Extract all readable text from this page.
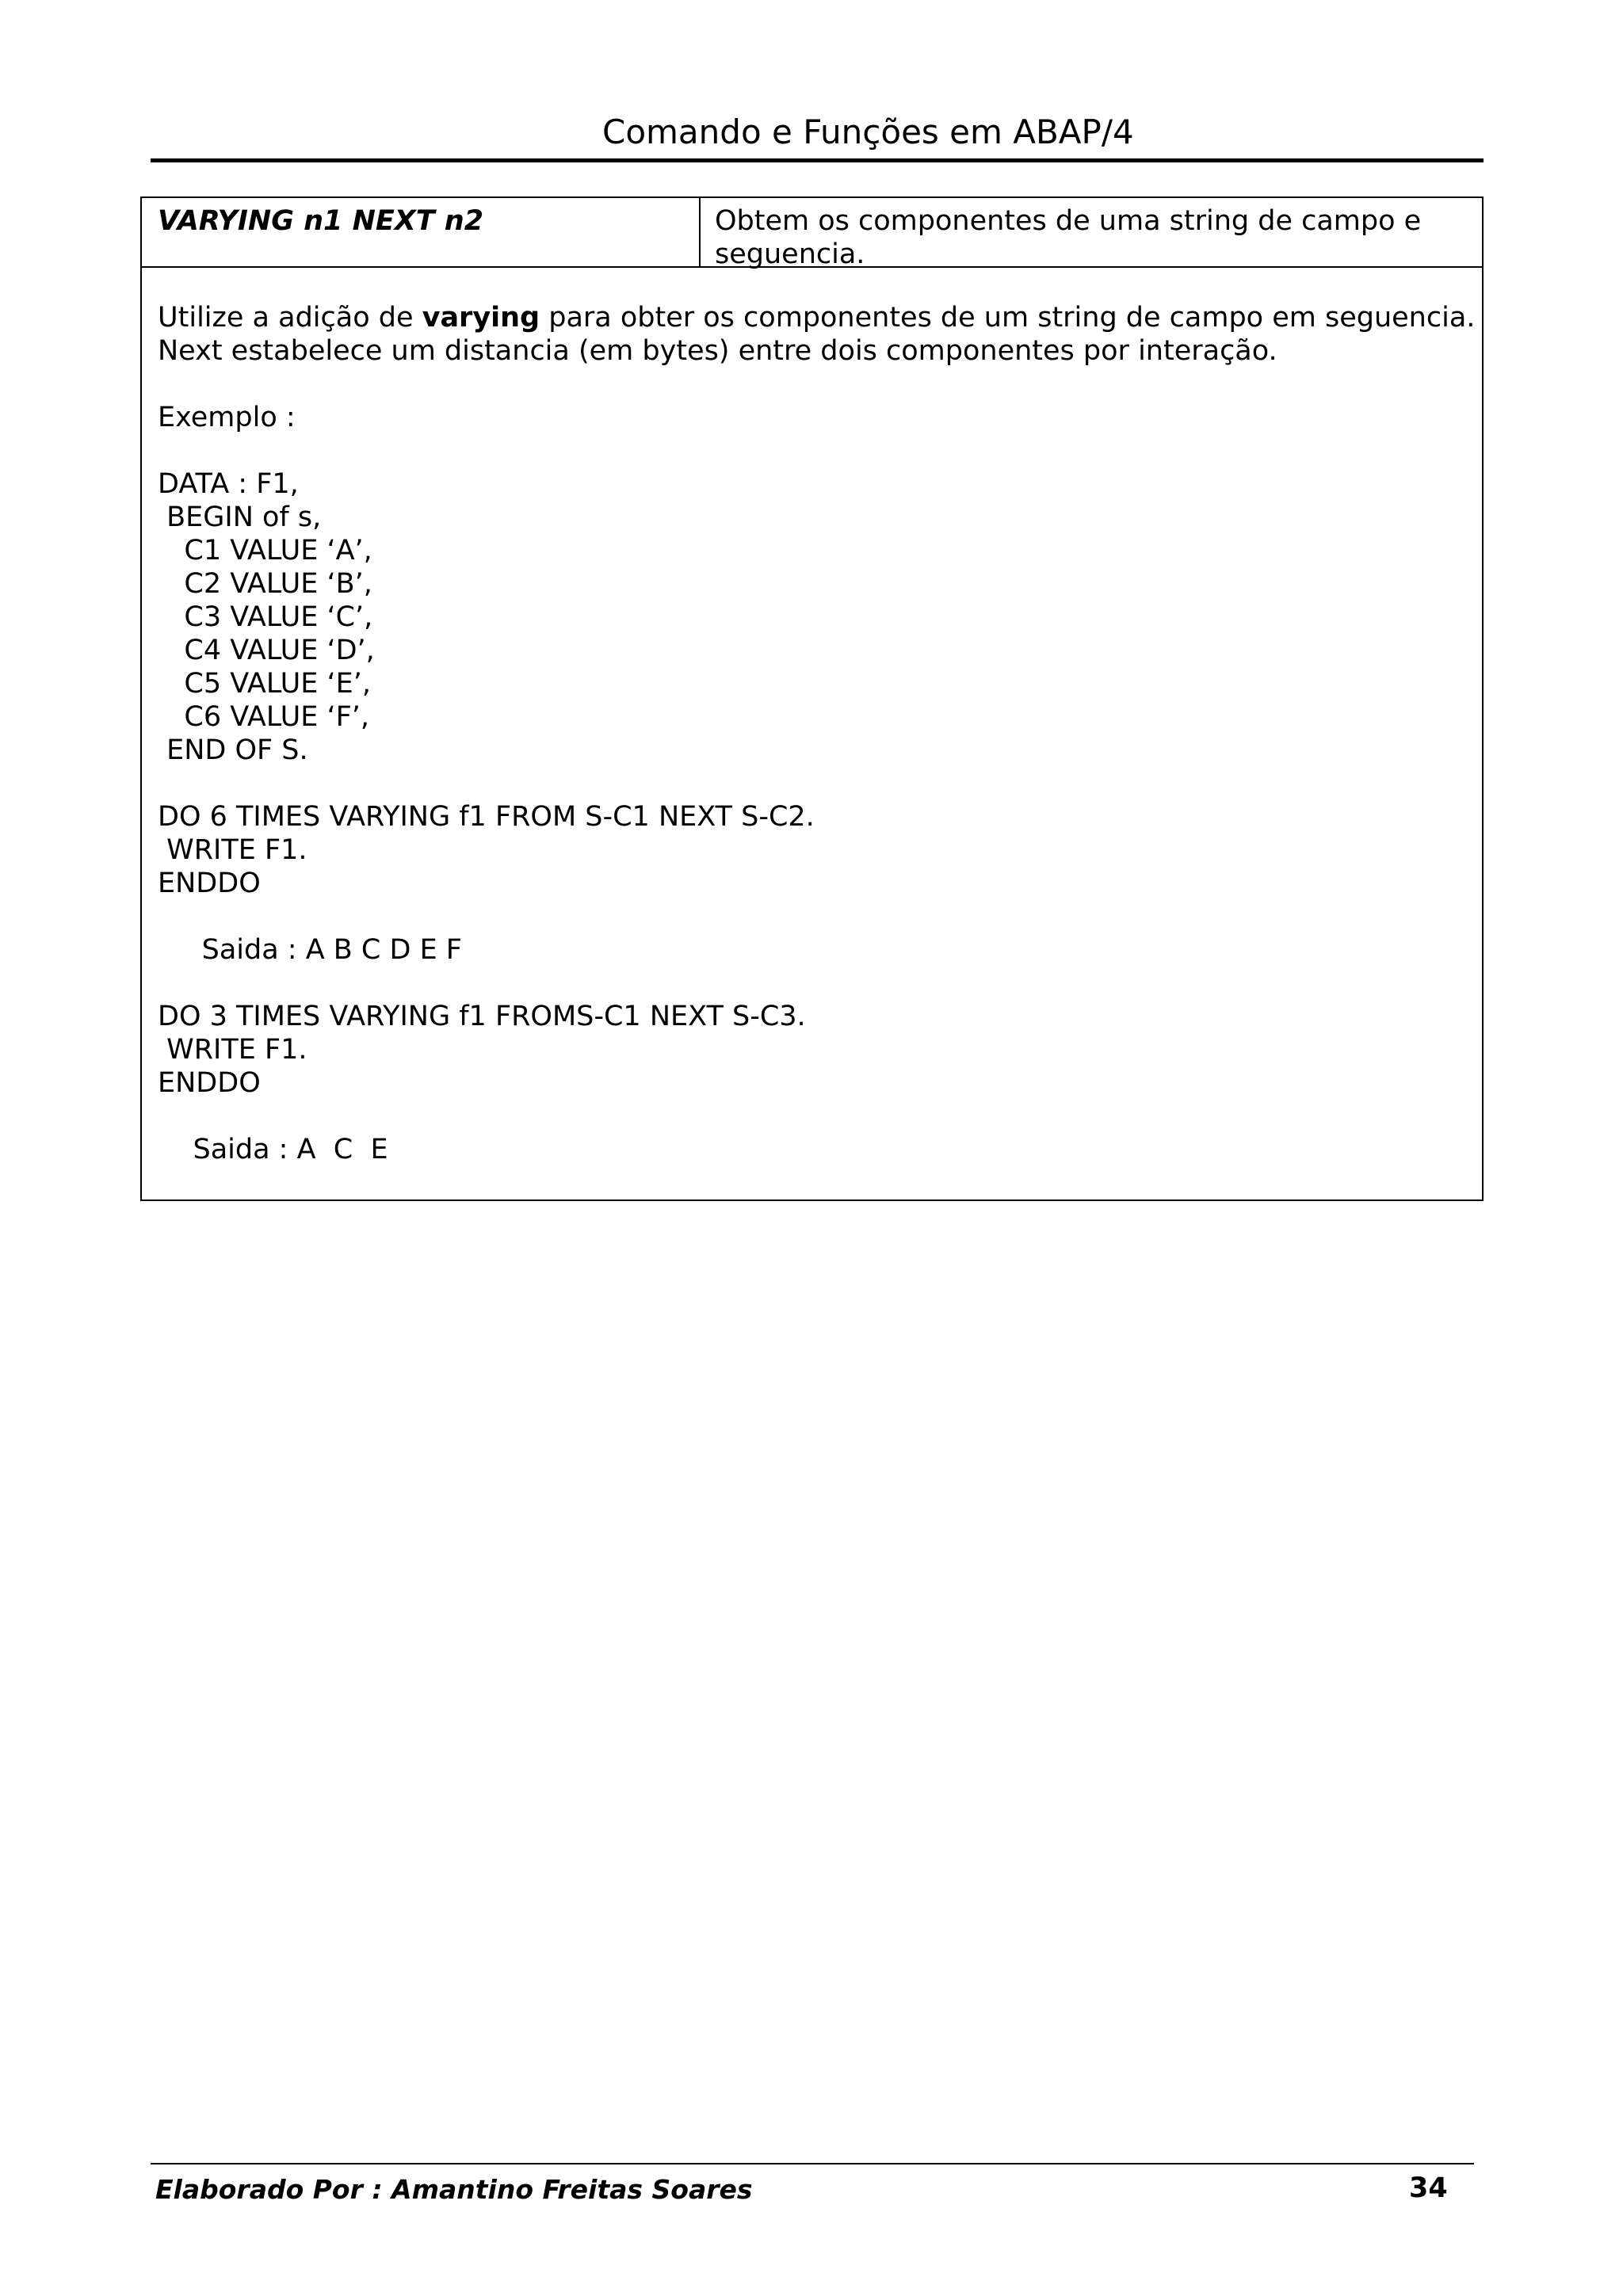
Comando e Funções em ABAP/4
VARYING n1 NEXT n2	Obtem os componentes de uma string de campo e seguencia.
Utilize a adição de varying para obter os componentes de um string de campo em seguencia.
Next estabelece um distancia (em bytes) entre dois componentes por interação.
Exemplo :
DATA : F1,
BEGIN of s,
C1 VALUE ‘A’,
C2 VALUE ‘B’,
C3 VALUE ‘C’,
C4 VALUE ‘D’,
C5 VALUE ‘E’,
C6 VALUE ‘F’,
END OF S.
DO 6 TIMES VARYING f1 FROM S-C1 NEXT S-C2.
WRITE F1.
ENDDO
Saida : A B C D E F
DO 3 TIMES VARYING f1 FROMS-C1 NEXT S-C3.
WRITE F1.
ENDDO
Saida : A  C  E
Elaborado Por : Amantino Freitas Soares	34
